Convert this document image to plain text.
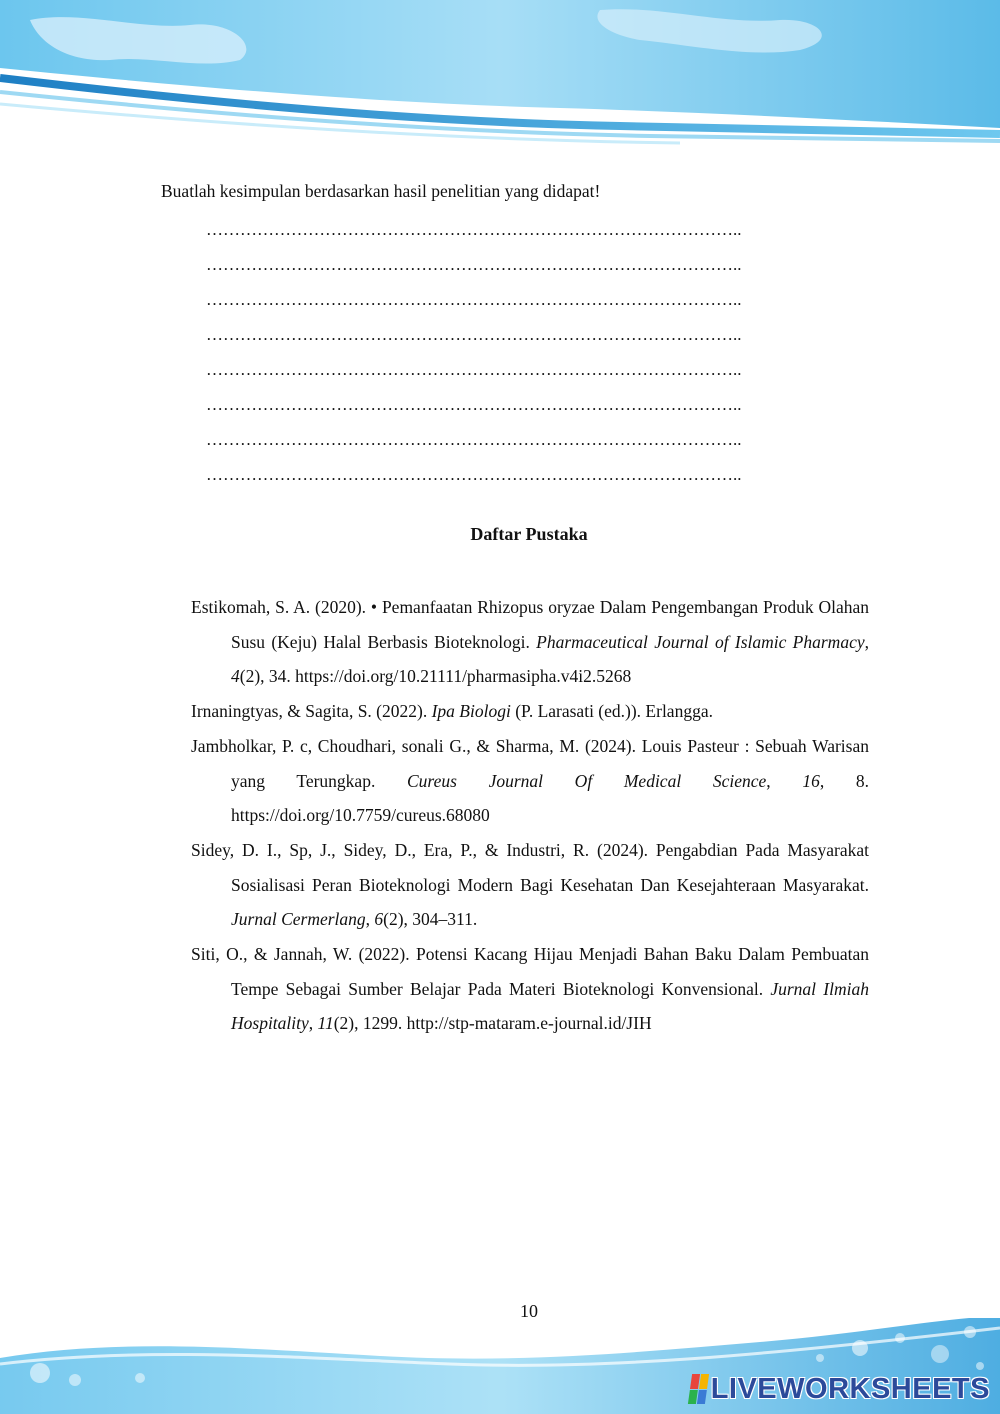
Buatlah kesimpulan berdasarkan hasil penelitian yang didapat!

…………………………………………………………………………………..
…………………………………………………………………………………..
…………………………………………………………………………………..
…………………………………………………………………………………..
…………………………………………………………………………………..
…………………………………………………………………………………..
…………………………………………………………………………………..
…………………………………………………………………………………..
Daftar Pustaka
Estikomah, S. A. (2020). • Pemanfaatan Rhizopus oryzae Dalam Pengembangan Produk Olahan Susu (Keju) Halal Berbasis Bioteknologi. Pharmaceutical Journal of Islamic Pharmacy, 4(2), 34. https://doi.org/10.21111/pharmasipha.v4i2.5268
Irnaningtyas, & Sagita, S. (2022). Ipa Biologi (P. Larasati (ed.)). Erlangga.
Jambholkar, P. c, Choudhari, sonali G., & Sharma, M. (2024). Louis Pasteur : Sebuah Warisan yang Terungkap. Cureus Journal Of Medical Science, 16, 8. https://doi.org/10.7759/cureus.68080
Sidey, D. I., Sp, J., Sidey, D., Era, P., & Industri, R. (2024). Pengabdian Pada Masyarakat Sosialisasi Peran Bioteknologi Modern Bagi Kesehatan Dan Kesejahteraan Masyarakat. Jurnal Cermerlang, 6(2), 304–311.
Siti, O., & Jannah, W. (2022). Potensi Kacang Hijau Menjadi Bahan Baku Dalam Pembuatan Tempe Sebagai Sumber Belajar Pada Materi Bioteknologi Konvensional. Jurnal Ilmiah Hospitality, 11(2), 1299. http://stp-mataram.e-journal.id/JIH
10
LIVEWORKSHEETS
